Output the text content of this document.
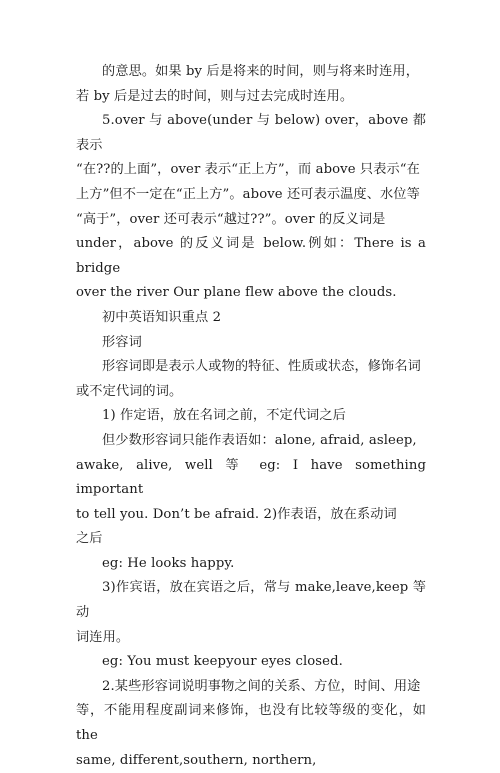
的意思。如果 by 后是将来的时间，则与将来时连用，

若 by 后是过去的时间，则与过去完成时连用。

5.over 与 above(under 与 below) over，above 都表示

“在??的上面”，over 表示“正上方”，而 above 只表示“在

上方”但不一定在“正上方”。above 还可表示温度、水位等

“高于”，over 还可表示“越过??”。over 的反义词是

under，above 的反义词是 below.例如：There is a bridge

over the river Our plane flew above the clouds.

初中英语知识重点 2

形容词

形容词即是表示人或物的特征、性质或状态，修饰名词

或不定代词的词。

1) 作定语，放在名词之前，不定代词之后

但少数形容词只能作表语如：alone, afraid, asleep,

awake, alive, well 等 eg: I have something important

to tell you. Don’t be afraid. 2)作表语，放在系动词

之后

eg: He looks happy.

3)作宾语，放在宾语之后，常与 make,leave,keep 等动

词连用。

eg: You must keepyour eyes closed.

2.某些形容词说明事物之间的关系、方位，时间、用途

等，不能用程度副词来修饰，也没有比较等级的变化，如 the

same, different,southern, northern,
